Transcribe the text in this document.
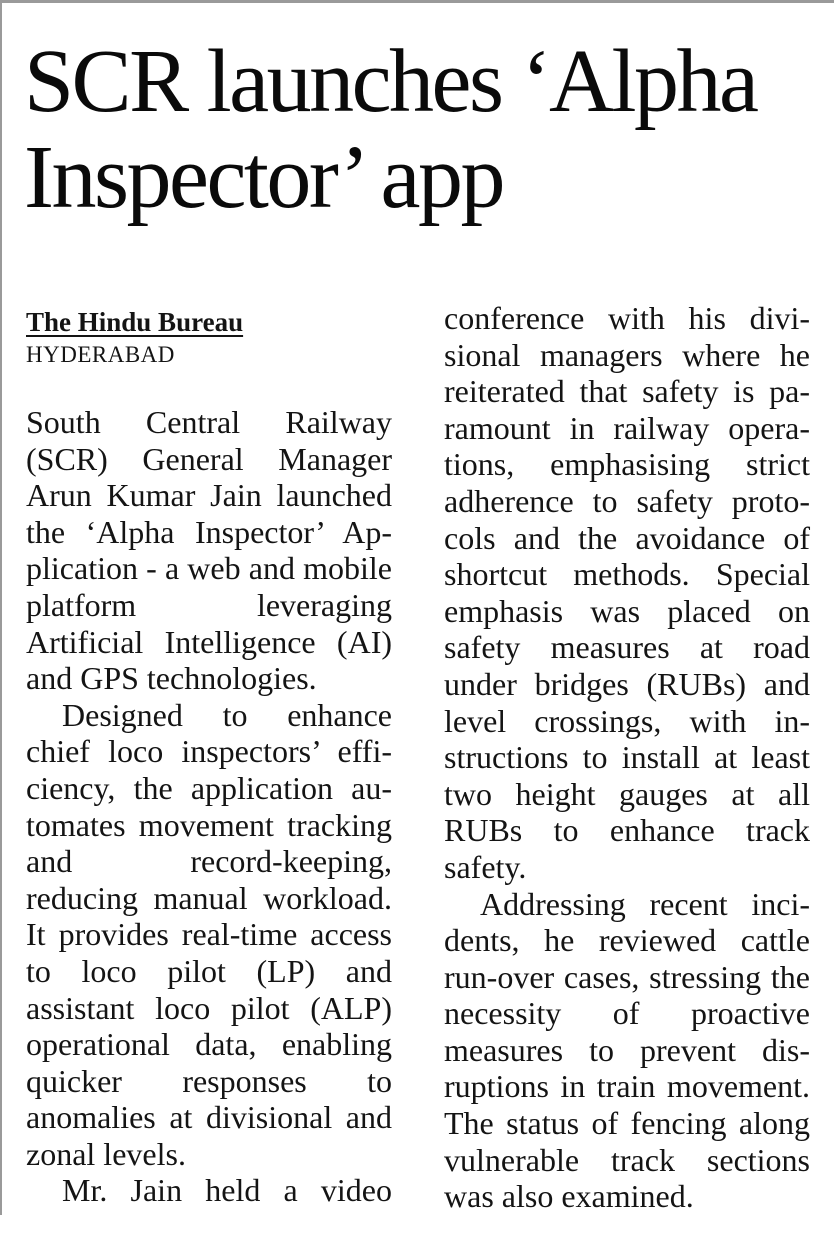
SCR launches ‘Alpha Inspector’ app
The Hindu Bureau
HYDERABAD

South Central Railway (SCR) General Manager Arun Kumar Jain launched the ‘Alpha Inspector’ Application - a web and mobile platform leveraging Artificial Intelligence (AI) and GPS technologies.

Designed to enhance chief loco inspectors’ efficiency, the application automates movement tracking and record-keeping, reducing manual workload. It provides real-time access to loco pilot (LP) and assistant loco pilot (ALP) operational data, enabling quicker responses to anomalies at divisional and zonal levels.

Mr. Jain held a video

conference with his divisional managers where he reiterated that safety is paramount in railway operations, emphasising strict adherence to safety protocols and the avoidance of shortcut methods. Special emphasis was placed on safety measures at road under bridges (RUBs) and level crossings, with instructions to install at least two height gauges at all RUBs to enhance track safety.

Addressing recent incidents, he reviewed cattle run-over cases, stressing the necessity of proactive measures to prevent disruptions in train movement. The status of fencing along vulnerable track sections was also examined.
